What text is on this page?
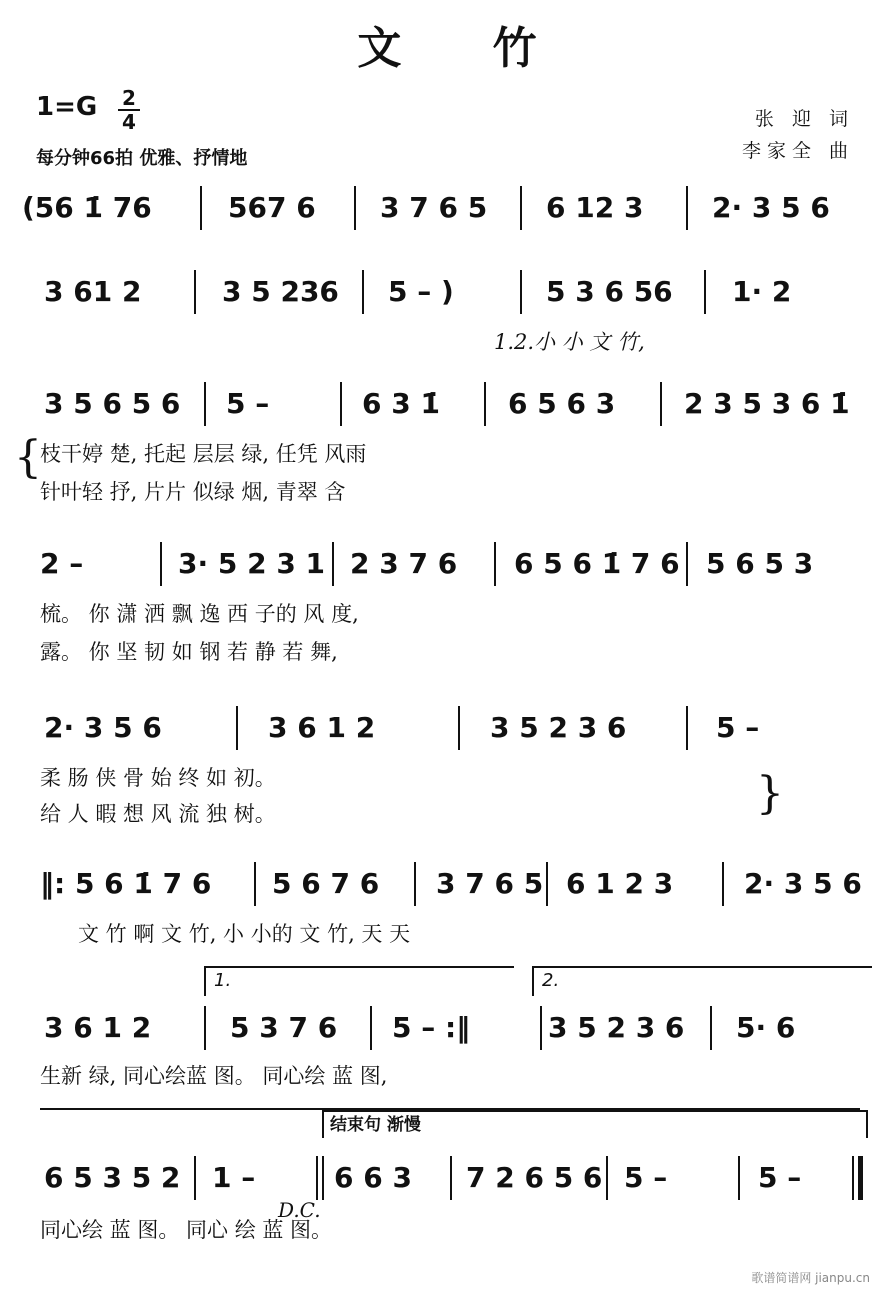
文 竹
1=G 2
4
每分钟66拍 优雅、抒情地
张 迎 词
李家全 曲
(56 1̇ 76	567 6 3 7 6 5 6 12 3 2· 3 5 6
3 61 2	3 5 236 5 – )	5 3 6 56 1· 2
1.2.小 小 文 竹,
3 5 6 5 6 5 –	6 3 1̇ 6 5 6 3 2 3 5 3 6 1̇
{
枝干婷 楚, 托起 层层 绿, 任凭 风雨
针叶轻 抒, 片片 似绿 烟, 青翠 含
2 –	3· 5 2 3 1 2 3 7 6 6 5 6 1̇ 7 6 5 6 5 3
梳。 你 潇 洒 飘 逸 西 子的 风 度,
露。 你 坚 韧 如 钢 若 静 若 舞,
2· 3 5 6	3 6 1 2	3 5 2 3 6	5 –
柔 肠 侠 骨 始 终 如 初。
给 人 暇 想 风 流 独 树。	}
‖: 5 6 1̇ 7 6 5 6 7 6 3 7 6 5 6 1 2 3	2· 3 5 6
文 竹 啊 文 竹, 小 小的 文 竹, 天 天
1.	2.
3 6 1 2	5 3 7 6 5 – :‖	3 5 2 3 6 5· 6
生新 绿, 同心绘蓝 图。 同心绘 蓝 图,
结束句 渐慢
6 5 3 5 2 1 –	6 6 3 7 2 6 5 6 5 –	5 –
D.C.
同心绘 蓝 图。 同心 绘 蓝 图。
歌谱简谱网 jianpu.cn
